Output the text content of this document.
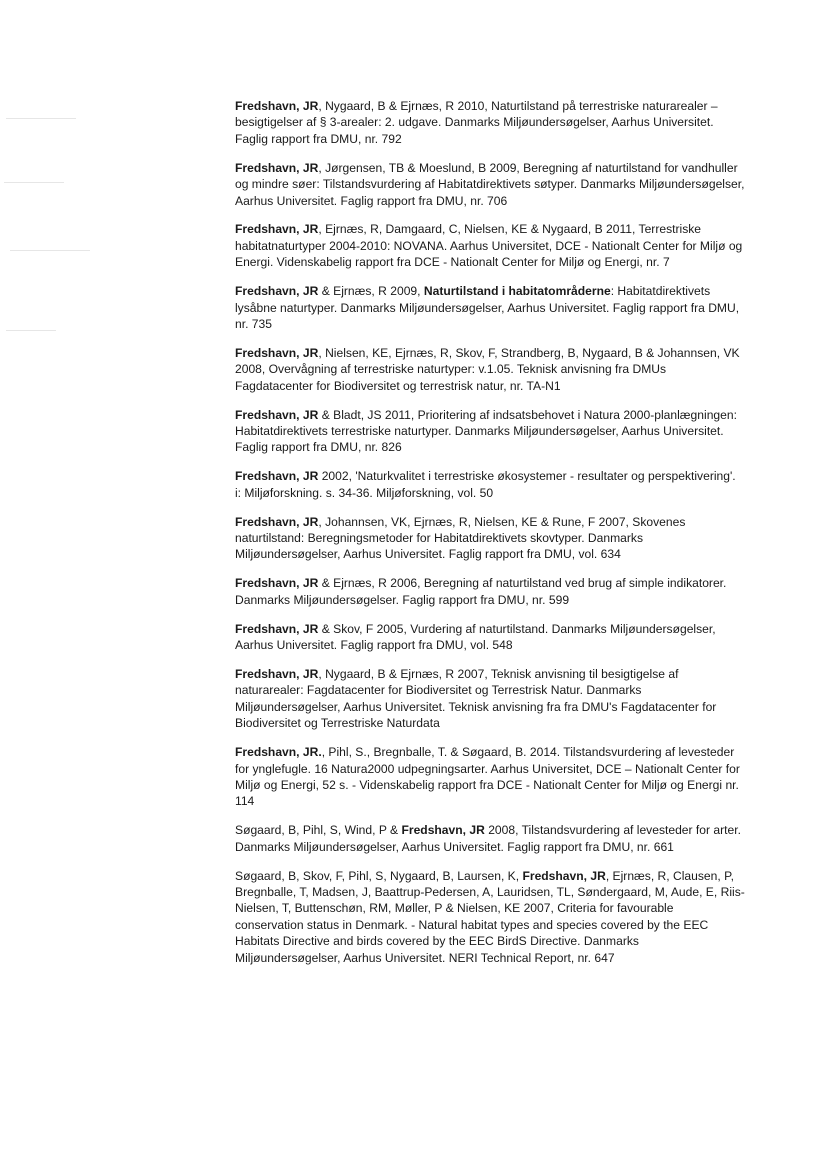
Fredshavn, JR, Nygaard, B & Ejrnæs, R 2010, Naturtilstand på terrestriske naturarealer – besigtigelser af § 3-arealer: 2. udgave. Danmarks Miljøundersøgelser, Aarhus Universitet. Faglig rapport fra DMU, nr. 792

Fredshavn, JR, Jørgensen, TB & Moeslund, B 2009, Beregning af naturtilstand for vandhuller og mindre søer: Tilstandsvurdering af Habitatdirektivets søtyper. Danmarks Miljøundersøgelser, Aarhus Universitet. Faglig rapport fra DMU, nr. 706

Fredshavn, JR, Ejrnæs, R, Damgaard, C, Nielsen, KE & Nygaard, B 2011, Terrestriske habitatnaturtyper 2004-2010: NOVANA. Aarhus Universitet, DCE - Nationalt Center for Miljø og Energi. Videnskabelig rapport fra DCE - Nationalt Center for Miljø og Energi, nr. 7

Fredshavn, JR & Ejrnæs, R 2009, Naturtilstand i habitatområderne: Habitatdirektivets lysåbne naturtyper. Danmarks Miljøundersøgelser, Aarhus Universitet. Faglig rapport fra DMU, nr. 735

Fredshavn, JR, Nielsen, KE, Ejrnæs, R, Skov, F, Strandberg, B, Nygaard, B & Johannsen, VK 2008, Overvågning af terrestriske naturtyper: v.1.05. Teknisk anvisning fra DMUs Fagdatacenter for Biodiversitet og terrestrisk natur, nr. TA-N1

Fredshavn, JR & Bladt, JS 2011, Prioritering af indsatsbehovet i Natura 2000-planlægningen: Habitatdirektivets terrestriske naturtyper. Danmarks Miljøundersøgelser, Aarhus Universitet. Faglig rapport fra DMU, nr. 826

Fredshavn, JR 2002, 'Naturkvalitet i terrestriske økosystemer - resultater og perspektivering'. i: Miljøforskning. s. 34-36. Miljøforskning, vol. 50

Fredshavn, JR, Johannsen, VK, Ejrnæs, R, Nielsen, KE & Rune, F 2007, Skovenes naturtilstand: Beregningsmetoder for Habitatdirektivets skovtyper. Danmarks Miljøundersøgelser, Aarhus Universitet. Faglig rapport fra DMU, vol. 634

Fredshavn, JR & Ejrnæs, R 2006, Beregning af naturtilstand ved brug af simple indikatorer. Danmarks Miljøundersøgelser. Faglig rapport fra DMU, nr. 599

Fredshavn, JR & Skov, F 2005, Vurdering af naturtilstand. Danmarks Miljøundersøgelser, Aarhus Universitet. Faglig rapport fra DMU, vol. 548

Fredshavn, JR, Nygaard, B & Ejrnæs, R 2007, Teknisk anvisning til besigtigelse af naturarealer: Fagdatacenter for Biodiversitet og Terrestrisk Natur. Danmarks Miljøundersøgelser, Aarhus Universitet. Teknisk anvisning fra fra DMU's Fagdatacenter for Biodiversitet og Terrestriske Naturdata

Fredshavn, JR., Pihl, S., Bregnballe, T. & Søgaard, B. 2014. Tilstandsvurdering af levesteder for ynglefugle. 16 Natura2000 udpegningsarter. Aarhus Universitet, DCE – Nationalt Center for Miljø og Energi, 52 s. - Videnskabelig rapport fra DCE - Nationalt Center for Miljø og Energi nr. 114

Søgaard, B, Pihl, S, Wind, P & Fredshavn, JR 2008, Tilstandsvurdering af levesteder for arter. Danmarks Miljøundersøgelser, Aarhus Universitet. Faglig rapport fra DMU, nr. 661

Søgaard, B, Skov, F, Pihl, S, Nygaard, B, Laursen, K, Fredshavn, JR, Ejrnæs, R, Clausen, P, Bregnballe, T, Madsen, J, Baattrup-Pedersen, A, Lauridsen, TL, Søndergaard, M, Aude, E, Riis-Nielsen, T, Buttenschøn, RM, Møller, P & Nielsen, KE 2007, Criteria for favourable conservation status in Denmark. - Natural habitat types and species covered by the EEC Habitats Directive and birds covered by the EEC BirdS Directive. Danmarks Miljøundersøgelser, Aarhus Universitet. NERI Technical Report, nr. 647
